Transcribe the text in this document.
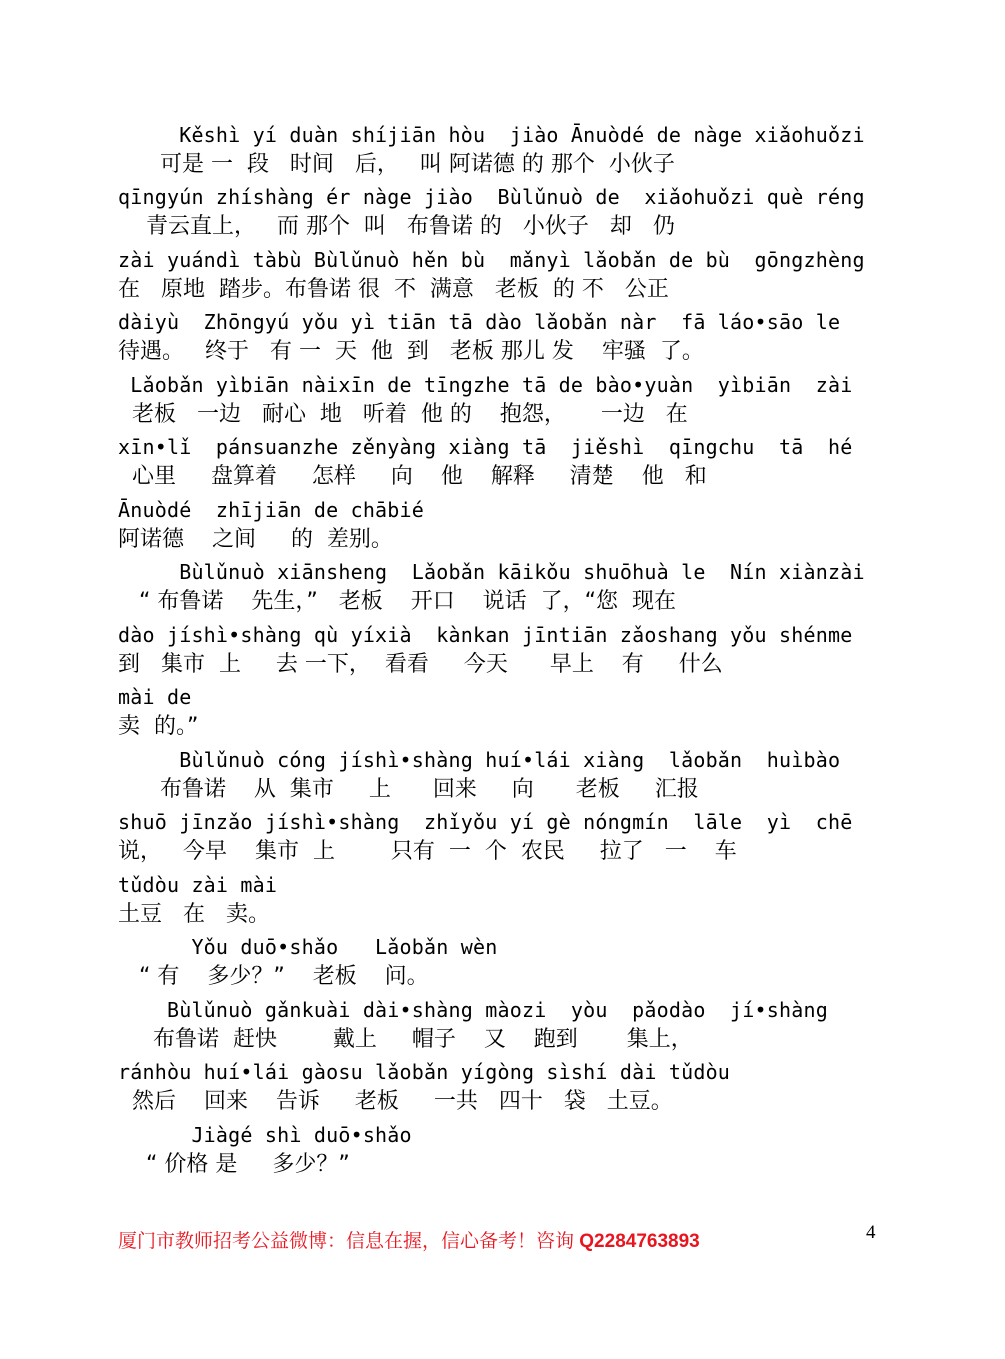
Kěshì yí duàn shíjiān hòu  jiào Ānuòdé de nàge xiǎohuǒzi
可是 一  段   时间   后，   叫 阿诺德 的 那个  小伙子
qīngyún zhíshàng ér nàge jiào  Bùlǔnuò de  xiǎohuǒzi què réng
青云直上，   而 那个  叫   布鲁诺 的   小伙子   却   仍
zài yuándì tàbù Bùlǔnuò hěn bù  mǎnyì lǎobǎn de bù  gōngzhèng
在   原地  踏步。布鲁诺 很  不  满意   老板  的 不   公正
dàiyù  Zhōngyú yǒu yì tiān tā dào lǎobǎn nàr  fā láo•sāo le
待遇。   终于   有 一  天  他  到   老板 那儿 发    牢骚  了。
Lǎobǎn yìbiān nàixīn de tīngzhe tā de bào•yuàn  yìbiān  zài
老板   一边   耐心  地   听着  他 的    抱怨，     一边   在
xīn•lǐ  pánsuanzhe zěnyàng xiàng tā  jiěshì  qīngchu  tā  hé
心里     盘算着     怎样     向    他    解释     清楚    他   和
Ānuòdé  zhījiān de chābié
阿诺德    之间     的  差别。
Bùlǔnuò xiānsheng  Lǎobǎn kāikǒu shuōhuà le  Nín xiànzài
“ 布鲁诺    先生，”   老板    开口    说话  了，“您  现在
dào jíshì•shàng qù yíxià  kànkan jīntiān zǎoshang yǒu shénme
到   集市  上     去 一下，  看看     今天      早上    有     什么
mài de
卖  的。”
Bùlǔnuò cóng jíshì•shàng huí•lái xiàng  lǎobǎn  huìbào
布鲁诺    从  集市     上      回来     向      老板     汇报
shuō jīnzǎo jíshì•shàng  zhǐyǒu yí gè nóngmín  lāle  yì  chē
说，   今早    集市  上        只有  一  个  农民     拉了   一    车
tǔdòu zài mài
土豆   在   卖。
Yǒu duō•shǎo   Lǎobǎn wèn
“ 有    多少？”    老板    问。
Bùlǔnuò gǎnkuài dài•shàng màozi  yòu  pǎodào  jí•shàng
布鲁诺  赶快        戴上     帽子    又    跑到       集上，
ránhòu huí•lái gàosu lǎobǎn yígòng sìshí dài tǔdòu
然后    回来    告诉     老板     一共   四十   袋   土豆。
Jiàgé shì duō•shǎo
“ 价格 是     多少？”
厦门市教师招考公益微博：信息在握，信心备考！咨询 Q2284763893	4
